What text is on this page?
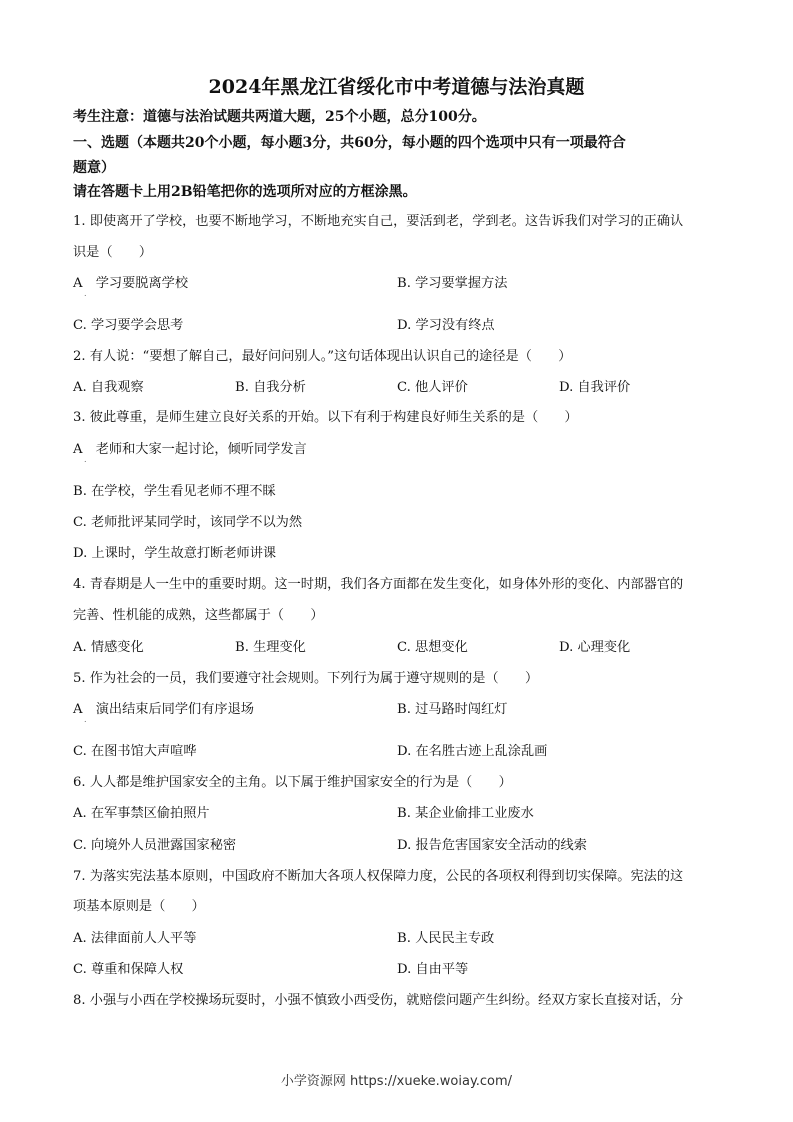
2024年黑龙江省绥化市中考道德与法治真题
考生注意：道德与法治试题共两道大题，25个小题，总分100分。
一、选题（本题共20个小题，每小题3分，共60分，每小题的四个选项中只有一项最符合
题意）
请在答题卡上用2B铅笔把你的选项所对应的方框涂黑。
1. 即使离开了学校，也要不断地学习，不断地充实自己，要活到老，学到老。这告诉我们对学习的正确认
识是（　　）
A　学习要脱离学校
.
B. 学习要掌握方法
C. 学习要学会思考	D. 学习没有终点
2. 有人说：“要想了解自己，最好问问别人。”这句话体现出认识自己的途径是（　　）
A. 自我观察	B. 自我分析	C. 他人评价	D. 自我评价
3. 彼此尊重，是师生建立良好关系的开始。以下有利于构建良好师生关系的是（　　）
A　老师和大家一起讨论，倾听同学发言
.
B. 在学校，学生看见老师不理不睬
C. 老师批评某同学时，该同学不以为然
D. 上课时，学生故意打断老师讲课
4. 青春期是人一生中的重要时期。这一时期，我们各方面都在发生变化，如身体外形的变化、内部器官的
完善、性机能的成熟，这些都属于（　　）
A. 情感变化	B. 生理变化	C. 思想变化	D. 心理变化
5. 作为社会的一员，我们要遵守社会规则。下列行为属于遵守规则的是（　　）
A　演出结束后同学们有序退场
.
B. 过马路时闯红灯
C. 在图书馆大声喧哗	D. 在名胜古迹上乱涂乱画
6. 人人都是维护国家安全的主角。以下属于维护国家安全的行为是（　　）
A. 在军事禁区偷拍照片	B. 某企业偷排工业废水
C. 向境外人员泄露国家秘密	D. 报告危害国家安全活动的线索
7. 为落实宪法基本原则，中国政府不断加大各项人权保障力度，公民的各项权利得到切实保障。宪法的这
项基本原则是（　　）
A. 法律面前人人平等	B. 人民民主专政
C. 尊重和保障人权	D. 自由平等
8. 小强与小西在学校操场玩耍时，小强不慎致小西受伤，就赔偿问题产生纠纷。经双方家长直接对话，分
小学资源网 https://xueke.woiay.com/
